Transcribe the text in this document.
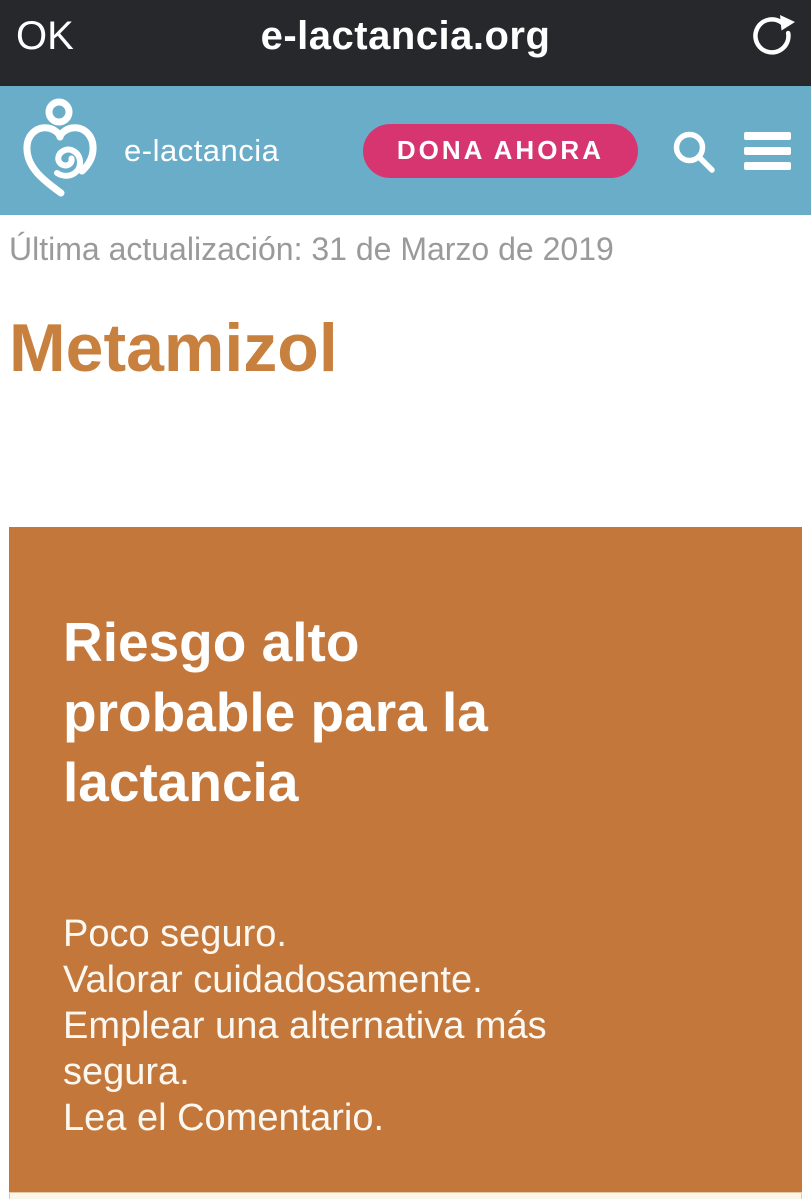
OK	e-lactancia.org
e-lactancia	DONA AHORA
Última actualización: 31 de Marzo de 2019
Metamizol
Riesgo alto
probable para la
lactancia
Poco seguro.
Valorar cuidadosamente.
Emplear una alternativa más
segura.
Lea el Comentario.
